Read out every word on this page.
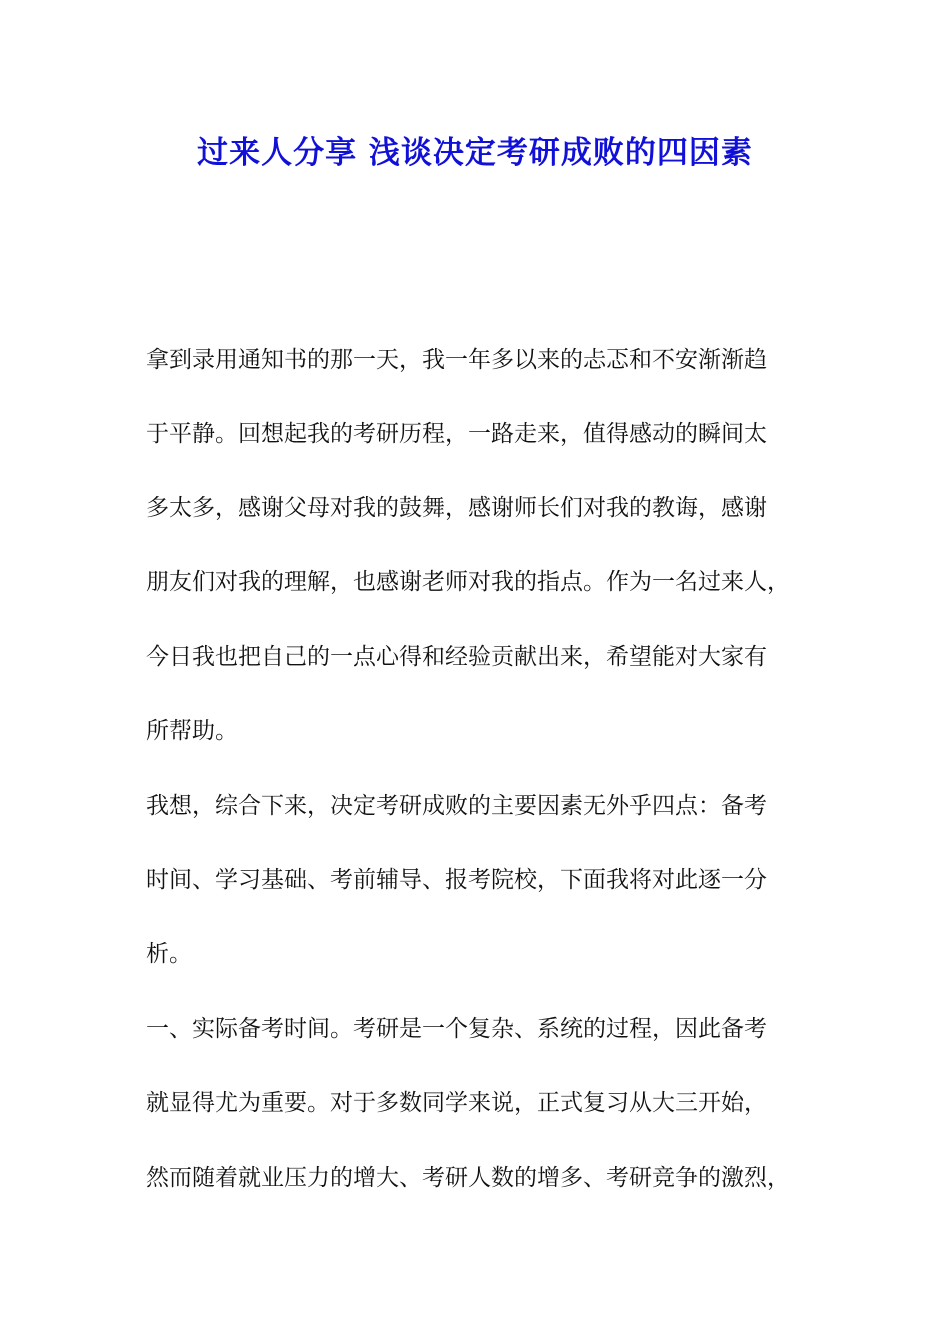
过来人分享 浅谈决定考研成败的四因素
拿到录用通知书的那一天，我一年多以来的忐忑和不安渐渐趋
于平静。回想起我的考研历程，一路走来，值得感动的瞬间太
多太多，感谢父母对我的鼓舞，感谢师长们对我的教诲，感谢
朋友们对我的理解，也感谢老师对我的指点。作为一名过来人，
今日我也把自己的一点心得和经验贡献出来，希望能对大家有
所帮助。
我想，综合下来，决定考研成败的主要因素无外乎四点：备考
时间、学习基础、考前辅导、报考院校，下面我将对此逐一分
析。
一、实际备考时间。考研是一个复杂、系统的过程，因此备考
就显得尤为重要。对于多数同学来说，正式复习从大三开始，
然而随着就业压力的增大、考研人数的增多、考研竞争的激烈，
